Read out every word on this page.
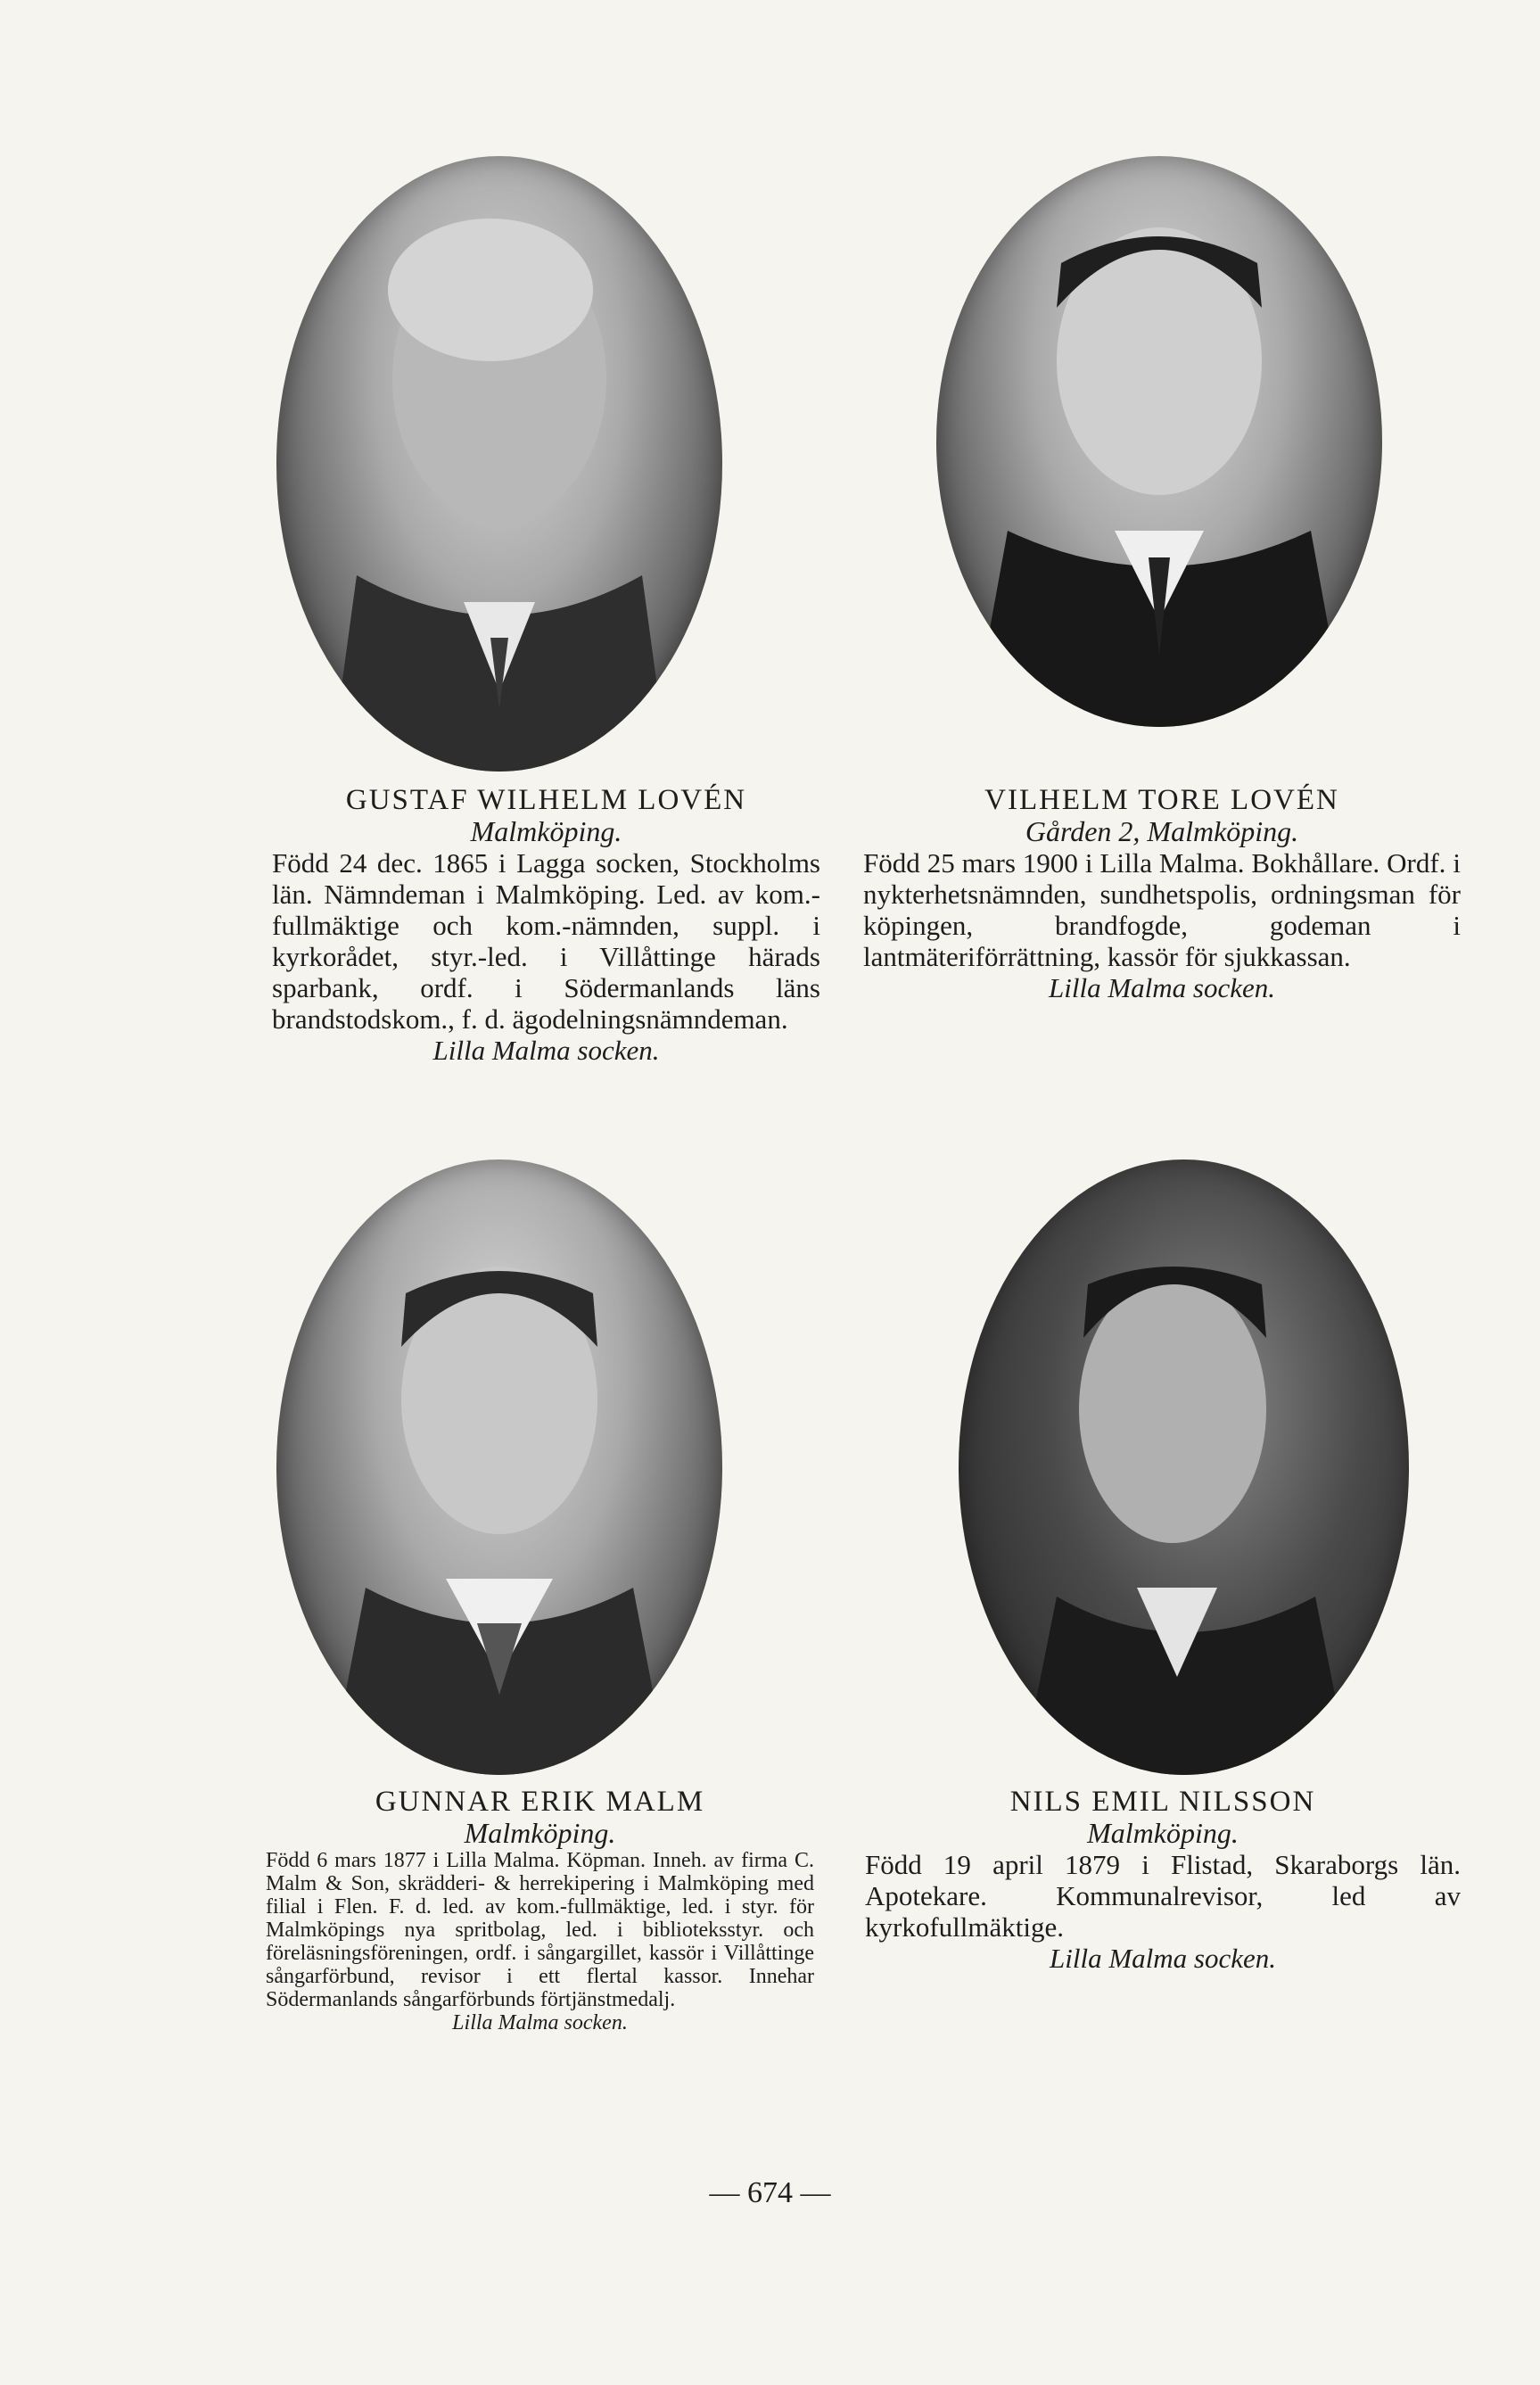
GUSTAF WILHELM LOVÉN
Malmköping.
Född 24 dec. 1865 i Lagga socken, Stockholms län. Nämndeman i Malmköping. Led. av kom.-fullmäktige och kom.-nämnden, suppl. i kyrkorådet, styr.-led. i Villåttinge härads sparbank, ordf. i Södermanlands läns brandstodskom., f. d. ägodelningsnämndeman.
Lilla Malma socken.
VILHELM TORE LOVÉN
Gården 2, Malmköping.
Född 25 mars 1900 i Lilla Malma. Bokhållare. Ordf. i nykterhetsnämnden, sundhetspolis, ordningsman för köpingen, brandfogde, godeman i lantmäteriförrättning, kassör för sjukkassan.
Lilla Malma socken.
GUNNAR ERIK MALM
Malmköping.
Född 6 mars 1877 i Lilla Malma. Köpman. Inneh. av firma C. Malm & Son, skrädderi- & herrekipering i Malmköping med filial i Flen. F. d. led. av kom.-fullmäktige, led. i styr. för Malmköpings nya spritbolag, led. i biblioteksstyr. och föreläsningsföreningen, ordf. i sångargillet, kassör i Villåttinge sångarförbund, revisor i ett flertal kassor. Innehar Södermanlands sångarförbunds förtjänstmedalj.
Lilla Malma socken.
NILS EMIL NILSSON
Malmköping.
Född 19 april 1879 i Flistad, Skaraborgs län. Apotekare. Kommunalrevisor, led av kyrkofullmäktige.
Lilla Malma socken.
— 674 —
